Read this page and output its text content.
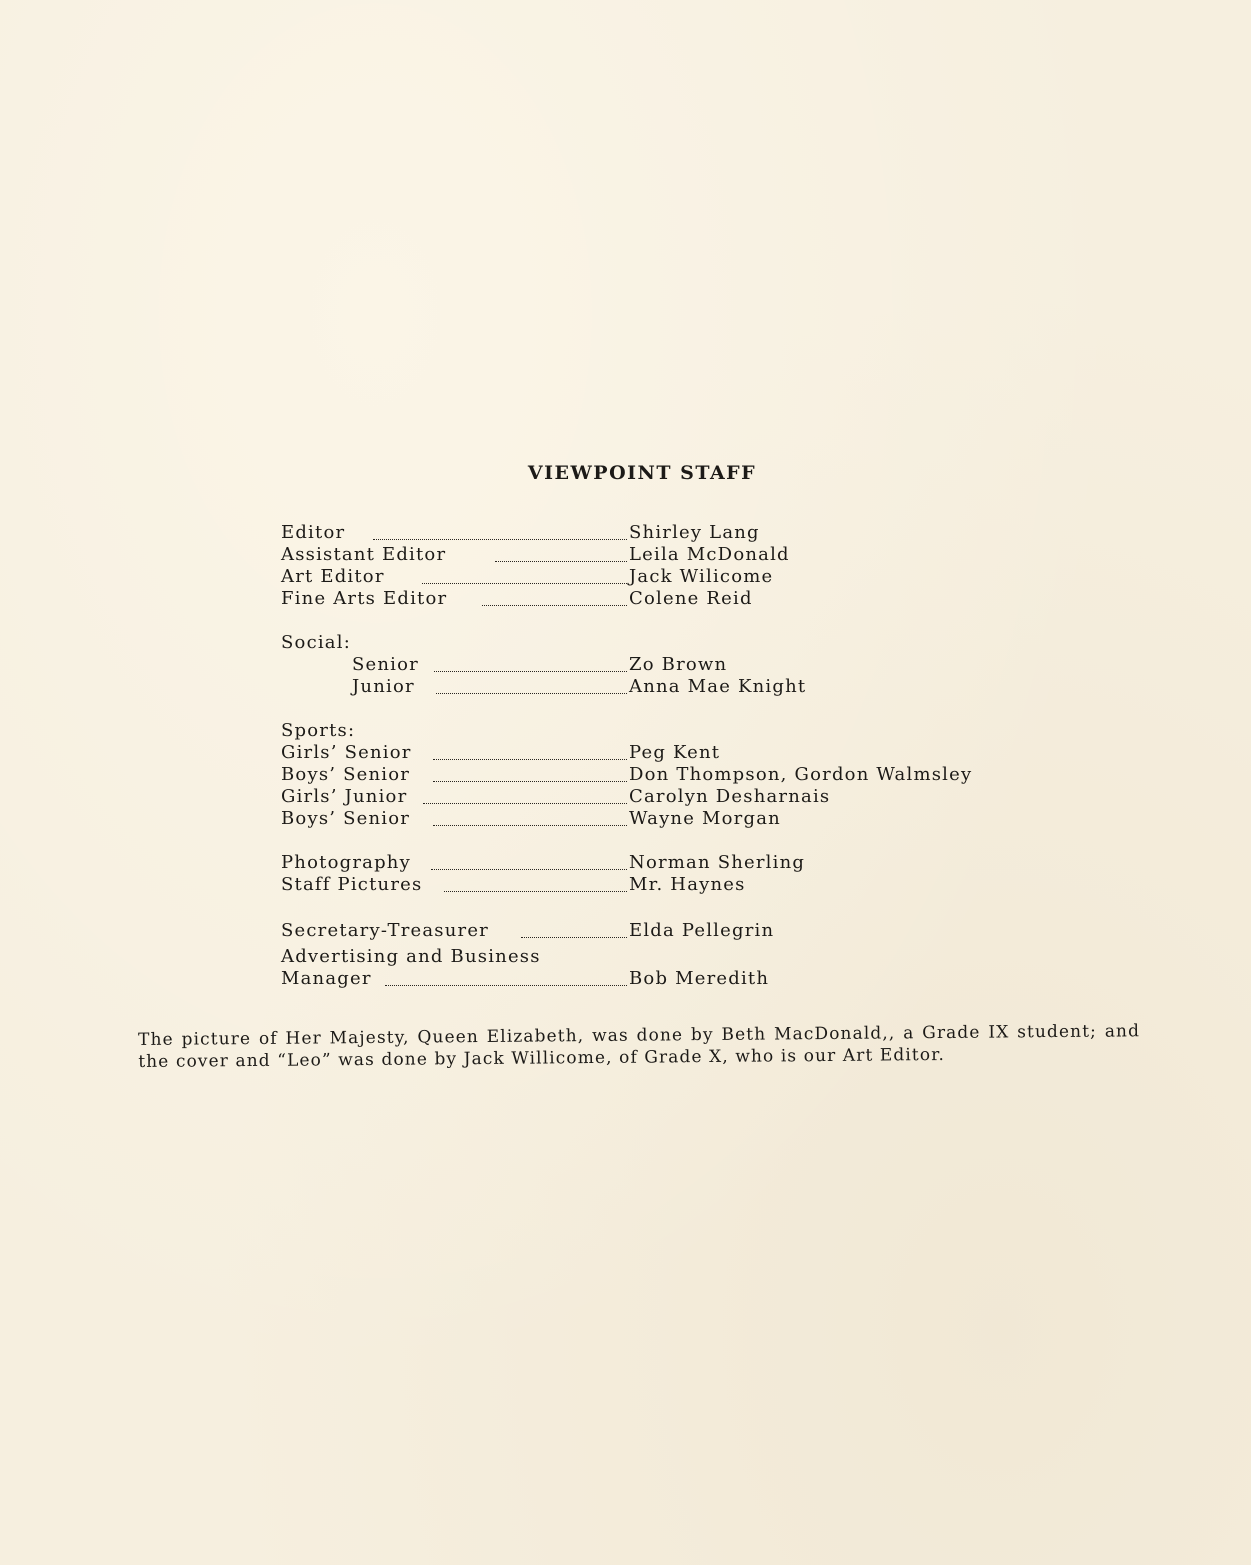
VIEWPOINT STAFF
Editor	Shirley Lang
Assistant Editor	Leila McDonald
Art Editor	Jack Wilicome
Fine Arts Editor	Colene Reid
Social:
Senior	Zo Brown
Junior	Anna Mae Knight
Sports:
Girls’ Senior	Peg Kent
Boys’ Senior	Don Thompson, Gordon Walmsley
Girls’ Junior	Carolyn Desharnais
Boys’ Senior	Wayne Morgan
Photography	Norman Sherling
Staff Pictures	Mr. Haynes
Secretary-Treasurer	Elda Pellegrin
Advertising and Business
Manager	Bob Meredith

The picture of Her Majesty, Queen Elizabeth, was done by Beth MacDonald,, a Grade IX student; and the cover and “Leo” was done by Jack Willicome, of Grade X, who is our Art Editor.
